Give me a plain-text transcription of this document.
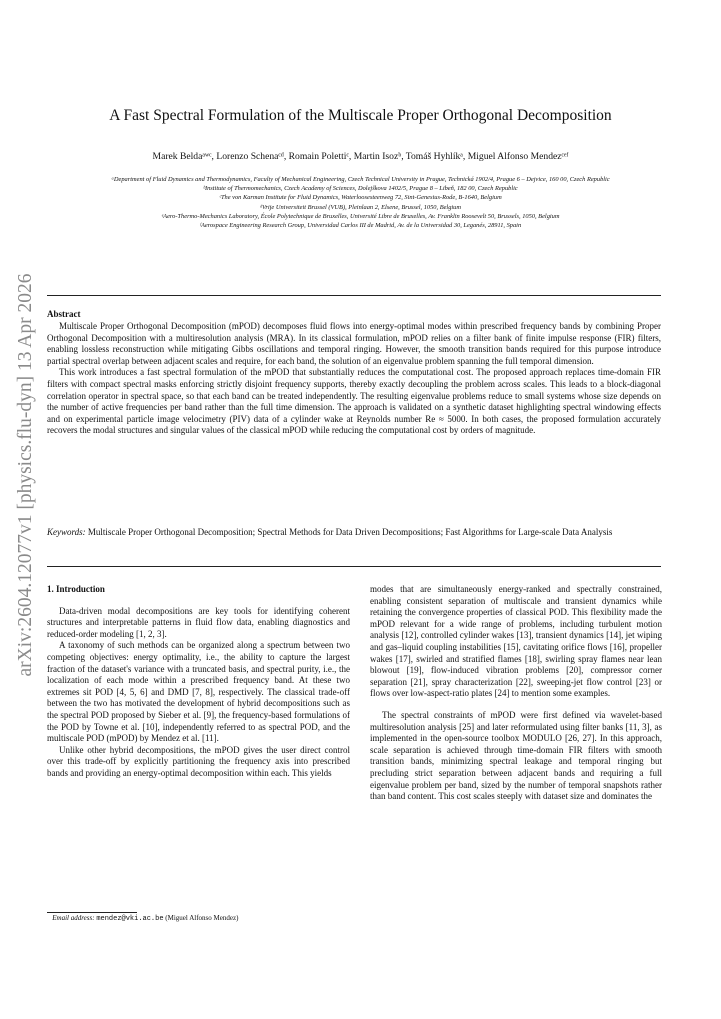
A Fast Spectral Formulation of the Multiscale Proper Orthogonal Decomposition
Marek Beldaᵃʷᶜ, Lorenzo Schenaᶜᵈ, Romain Polettiᶜ, Martin Isozᵇ, Tomáš Hyhlíkᵃ, Miguel Alfonso Mendezᶜᵉᶠ
ᵃDepartment of Fluid Dynamics and Thermodynamics, Faculty of Mechanical Engineering, Czech Technical University in Prague, Technická 1902/4, Prague 6 – Dejvice, 160 00, Czech Republic
ᵇInstitute of Thermomechanics, Czech Academy of Sciences, Dolejškova 1402/5, Prague 8 – Libeň, 182 00, Czech Republic
ᶜThe von Karman Institute for Fluid Dynamics, Waterloosesteenweg 72, Sint-Genesius-Rode, B-1640, Belgium
ᵈVrije Universiteit Brussel (VUB), Pleinlaan 2, Elsene, Brussel, 1050, Belgium
ᵉAero-Thermo-Mechanics Laboratory, École Polytechnique de Bruxelles, Université Libre de Bruxelles, Av. Franklin Roosevelt 50, Brussels, 1050, Belgium
ᶠAerospace Engineering Research Group, Universidad Carlos III de Madrid, Av. de la Universidad 30, Leganés, 28911, Spain
arXiv:2604.12077v1 [physics.flu-dyn] 13 Apr 2026 Abstract

Multiscale Proper Orthogonal Decomposition (mPOD) decomposes fluid flows into energy-optimal modes within prescribed frequency bands by combining Proper Orthogonal Decomposition with a multiresolution analysis (MRA). In its classical formulation, mPOD relies on a filter bank of finite impulse response (FIR) filters, enabling lossless reconstruction while mitigating Gibbs oscillations and temporal ringing. However, the smooth transition bands required for this purpose introduce partial spectral overlap between adjacent scales and require, for each band, the solution of an eigenvalue problem spanning the full temporal dimension.

This work introduces a fast spectral formulation of the mPOD that substantially reduces the computational cost. The proposed approach replaces time-domain FIR filters with compact spectral masks enforcing strictly disjoint frequency supports, thereby exactly decoupling the problem across scales. This leads to a block-diagonal correlation operator in spectral space, so that each band can be treated independently. The resulting eigenvalue problems reduce to small systems whose size depends on the number of active frequencies per band rather than the full time dimension. The approach is validated on a synthetic dataset highlighting spectral windowing effects and on experimental particle image velocimetry (PIV) data of a cylinder wake at Reynolds number Re ≈ 5000. In both cases, the proposed formulation accurately recovers the modal structures and singular values of the classical mPOD while reducing the computational cost by orders of magnitude.

Keywords: Multiscale Proper Orthogonal Decomposition; Spectral Methods for Data Driven Decompositions; Fast Algorithms for Large-scale Data Analysis
1. Introduction

Data-driven modal decompositions are key tools for identifying coherent structures and interpretable patterns in fluid flow data, enabling diagnostics and reduced-order modeling [1, 2, 3].

A taxonomy of such methods can be organized along a spectrum between two competing objectives: energy optimality, i.e., the ability to capture the largest fraction of the dataset's variance with a truncated basis, and spectral purity, i.e., the localization of each mode within a prescribed frequency band. At these two extremes sit POD [4, 5, 6] and DMD [7, 8], respectively. The classical trade-off between the two has motivated the development of hybrid decompositions such as the spectral POD proposed by Sieber et al. [9], the frequency-based formulations of the POD by Towne et al. [10], independently referred to as spectral POD, and the multiscale POD (mPOD) by Mendez et al. [11].

Unlike other hybrid decompositions, the mPOD gives the user direct control over this trade-off by explicitly partitioning the frequency axis into prescribed bands and providing an energy-optimal decomposition within each. This yields

modes that are simultaneously energy-ranked and spectrally constrained, enabling consistent separation of multiscale and transient dynamics while retaining the convergence properties of classical POD. This flexibility made the mPOD relevant for a wide range of problems, including turbulent motion analysis [12], controlled cylinder wakes [13], transient dynamics [14], jet wiping and gas–liquid coupling instabilities [15], cavitating orifice flows [16], propeller wakes [17], swirled and stratified flames [18], swirling spray flames near lean blowout [19], flow-induced vibration problems [20], compressor corner separation [21], spray characterization [22], sweeping-jet flow control [23] or flows over low-aspect-ratio plates [24] to mention some examples.

The spectral constraints of mPOD were first defined via wavelet-based multiresolution analysis [25] and later reformulated using filter banks [11, 3], as implemented in the open-source toolbox MODULO [26, 27]. In this approach, scale separation is achieved through time-domain FIR filters with smooth transition bands, minimizing spectral leakage and temporal ringing but precluding strict separation between adjacent bands and requiring a full eigenvalue problem per band, sized by the number of temporal snapshots rather than band content. This cost scales steeply with dataset size and dominates the

Email address: mendez@vki.ac.be (Miguel Alfonso Mendez)
